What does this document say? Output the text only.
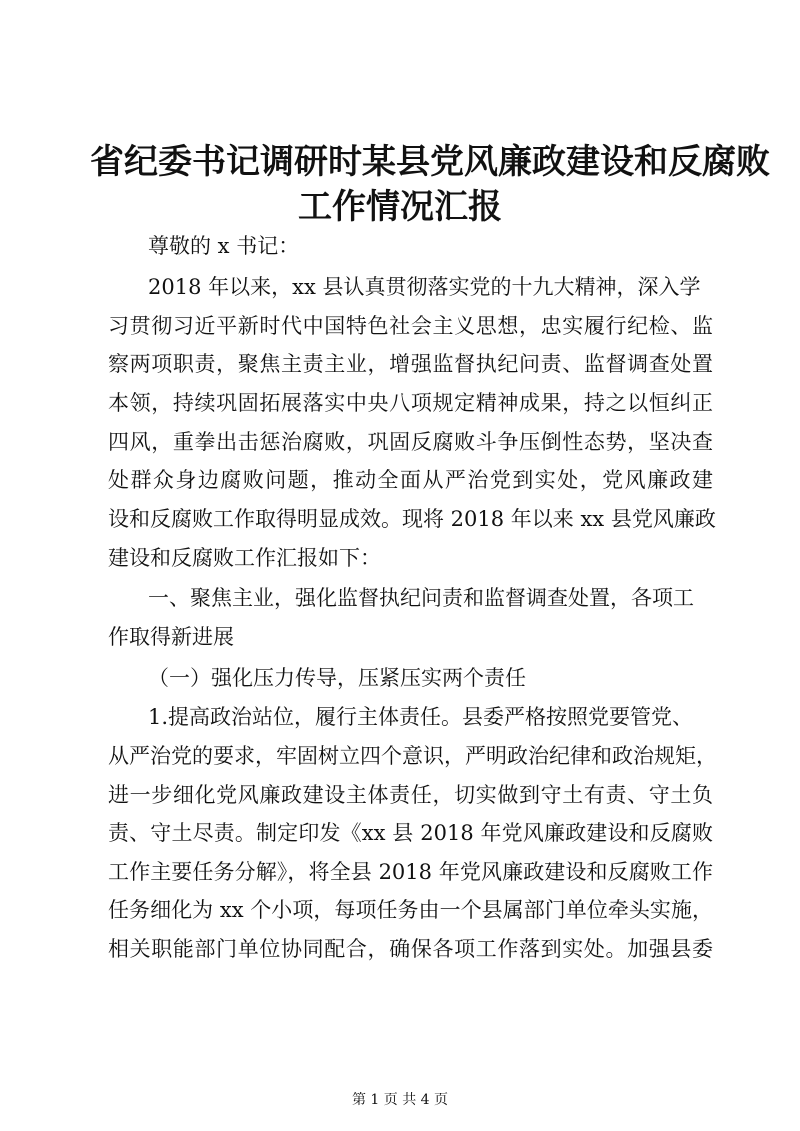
省纪委书记调研时某县党风廉政建设和反腐败
工作情况汇报

尊敬的 x 书记：

2018 年以来，xx 县认真贯彻落实党的十九大精神，深入学

习贯彻习近平新时代中国特色社会主义思想，忠实履行纪检、监

察两项职责，聚焦主责主业，增强监督执纪问责、监督调查处置

本领，持续巩固拓展落实中央八项规定精神成果，持之以恒纠正

四风，重拳出击惩治腐败，巩固反腐败斗争压倒性态势，坚决查

处群众身边腐败问题，推动全面从严治党到实处，党风廉政建

设和反腐败工作取得明显成效。现将 2018 年以来 xx 县党风廉政

建设和反腐败工作汇报如下：

一、聚焦主业，强化监督执纪问责和监督调查处置，各项工

作取得新进展

（一）强化压力传导，压紧压实两个责任

1.提高政治站位，履行主体责任。县委严格按照党要管党、

从严治党的要求，牢固树立四个意识，严明政治纪律和政治规矩，

进一步细化党风廉政建设主体责任，切实做到守土有责、守土负

责、守土尽责。制定印发《xx 县 2018 年党风廉政建设和反腐败

工作主要任务分解》，将全县 2018 年党风廉政建设和反腐败工作

任务细化为 xx 个小项，每项任务由一个县属部门单位牵头实施，

相关职能部门单位协同配合，确保各项工作落到实处。加强县委

第 1 页 共 4 页
